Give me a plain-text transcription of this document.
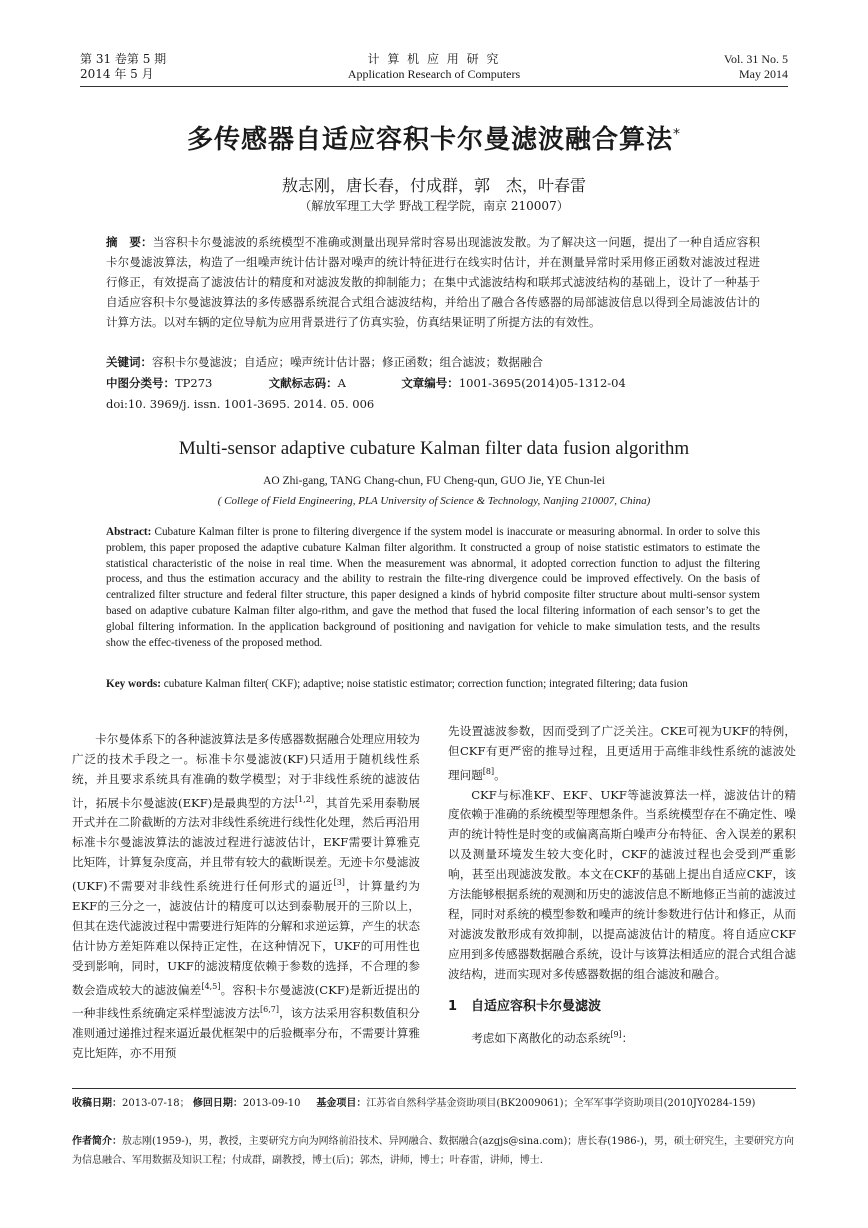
第 31 卷第 5 期
2014 年 5 月
计 算 机 应 用 研 究
Application Research of Computers
Vol. 31 No. 5
May 2014
多传感器自适应容积卡尔曼滤波融合算法*
敖志刚，唐长春，付成群，郭　杰，叶春雷
（解放军理工大学 野战工程学院，南京 210007）
摘　要：当容积卡尔曼滤波的系统模型不准确或测量出现异常时容易出现滤波发散。为了解决这一问题，提出了一种自适应容积卡尔曼滤波算法，构造了一组噪声统计估计器对噪声的统计特征进行在线实时估计，并在测量异常时采用修正函数对滤波过程进行修正，有效提高了滤波估计的精度和对滤波发散的抑制能力；在集中式滤波结构和联邦式滤波结构的基础上，设计了一种基于自适应容积卡尔曼滤波算法的多传感器系统混合式组合滤波结构，并给出了融合各传感器的局部滤波信息以得到全局滤波估计的计算方法。以对车辆的定位导航为应用背景进行了仿真实验，仿真结果证明了所提方法的有效性。
关键词：容积卡尔曼滤波；自适应；噪声统计估计器；修正函数；组合滤波；数据融合
中图分类号：TP273	文献标志码：A	文章编号：1001-3695(2014)05-1312-04
doi:10. 3969/j. issn. 1001-3695. 2014. 05. 006
Multi-sensor adaptive cubature Kalman filter data fusion algorithm
AO Zhi-gang, TANG Chang-chun, FU Cheng-qun, GUO Jie, YE Chun-lei
( College of Field Engineering, PLA University of Science & Technology, Nanjing 210007, China)
Abstract: Cubature Kalman filter is prone to filtering divergence if the system model is inaccurate or measuring abnormal. In order to solve this problem, this paper proposed the adaptive cubature Kalman filter algorithm. It constructed a group of noise statistic estimators to estimate the statistical characteristic of the noise in real time. When the measurement was abnormal, it adopted correction function to adjust the filtering process, and thus the estimation accuracy and the ability to restrain the filte-ring divergence could be improved effectively. On the basis of centralized filter structure and federal filter structure, this paper designed a kinds of hybrid composite filter structure about multi-sensor system based on adaptive cubature Kalman filter algo-rithm, and gave the method that fused the local filtering information of each sensor’s to get the global filtering information. In the application background of positioning and navigation for vehicle to make simulation tests, and the results show the effec-tiveness of the proposed method.
Key words: cubature Kalman filter( CKF); adaptive; noise statistic estimator; correction function; integrated filtering; data fusion

卡尔曼体系下的各种滤波算法是多传感器数据融合处理应用较为广泛的技术手段之一。标准卡尔曼滤波(KF)只适用于随机线性系统，并且要求系统具有准确的数学模型；对于非线性系统的滤波估计，拓展卡尔曼滤波(EKF)是最典型的方法[1,2]，其首先采用泰勒展开式并在二阶截断的方法对非线性系统进行线性化处理，然后再沿用标准卡尔曼滤波算法的滤波过程进行滤波估计，EKF需要计算雅克比矩阵，计算复杂度高，并且带有较大的截断误差。无迹卡尔曼滤波(UKF)不需要对非线性系统进行任何形式的逼近[3]，计算量约为EKF的三分之一，滤波估计的精度可以达到泰勒展开的三阶以上，但其在迭代滤波过程中需要进行矩阵的分解和求逆运算，产生的状态估计协方差矩阵难以保持正定性，在这种情况下，UKF的可用性也受到影响，同时，UKF的滤波精度依赖于参数的选择，不合理的参数会造成较大的滤波偏差[4,5]。容积卡尔曼滤波(CKF)是新近提出的一种非线性系统确定采样型滤波方法[6,7]，该方法采用容积数值积分准则通过递推过程来逼近最优框架中的后验概率分布，不需要计算雅克比矩阵，亦不用预

先设置滤波参数，因而受到了广泛关注。CKE可视为UKF的特例，但CKF有更严密的推导过程，且更适用于高维非线性系统的滤波处理问题[8]。

CKF与标准KF、EKF、UKF等滤波算法一样，滤波估计的精度依赖于准确的系统模型等理想条件。当系统模型存在不确定性、噪声的统计特性是时变的或偏离高斯白噪声分布特征、舍入误差的累积以及测量环境发生较大变化时，CKF的滤波过程也会受到严重影响，甚至出现滤波发散。本文在CKF的基础上提出自适应CKF，该方法能够根据系统的观测和历史的滤波信息不断地修正当前的滤波过程，同时对系统的模型参数和噪声的统计参数进行估计和修正，从而对滤波发散形成有效抑制，以提高滤波估计的精度。将自适应CKF应用到多传感器数据融合系统，设计与该算法相适应的混合式组合滤波结构，进而实现对多传感器数据的组合滤波和融合。

1 自适应容积卡尔曼滤波

考虑如下离散化的动态系统[9]：

收稿日期：2013-07-18； 修回日期：2013-09-10 基金项目：江苏省自然科学基金资助项目(BK2009061)；全军军事学资助项目(2010JY0284-159)
作者简介：敖志刚(1959-)，男，教授，主要研究方向为网络前沿技术、异网融合、数据融合(azgjs@sina.com)；唐长春(1986-)，男，硕士研究生，主要研究方向为信息融合、军用数据及知识工程；付成群，副教授，博士(后)；郭杰，讲师，博士；叶春雷，讲师，博士.
